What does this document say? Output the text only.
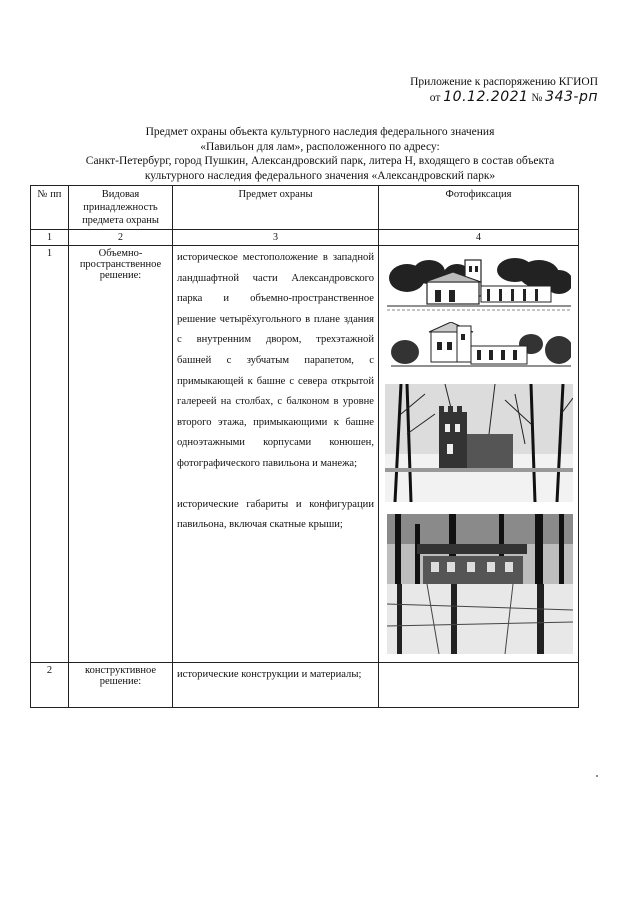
Приложение к распоряжению КГИОП
от 10.12.2021 № 343-рп
Предмет охраны объекта культурного наследия федерального значения
«Павильон для лам», расположенного по адресу:
Санкт-Петербург, город Пушкин, Александровский парк, литера Н, входящего в состав объекта
культурного наследия федерального значения «Александровский парк»
№ пп	Видовая принадлежность предмета охраны	Предмет охраны	Фотофиксация
1	2	3	4
1	Объемно-пространственное решение:	историческое местоположение в западной ландшафтной части Александровского парка и объемно-пространственное решение четырёхугольного в плане здания с внутренним двором, трехэтажной башней с зубчатым парапетом, с примыкающей к башне с севера открытой галереей на столбах, с балконом в уровне второго этажа, примыкающими к башне одноэтажными корпусами конюшен, фотографического павильона и манежа;

исторические габариты и конфигурации павильона, включая скатные крыши;

2	конструктивное решение:	исторические конструкции и материалы;	
